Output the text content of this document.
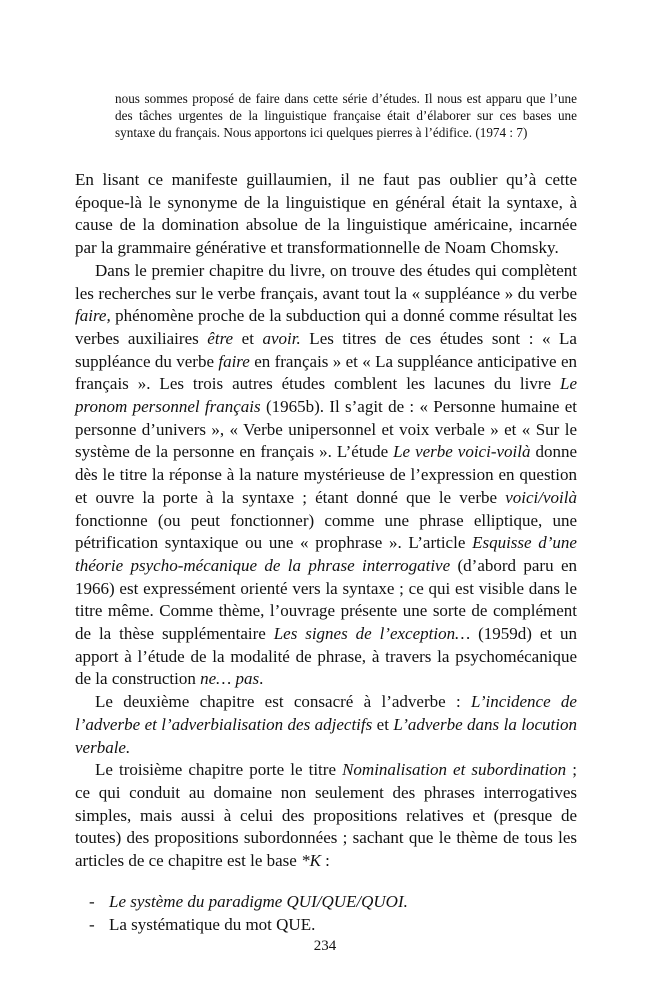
nous sommes proposé de faire dans cette série d’études. Il nous est apparu que l’une des tâches urgentes de la linguistique française était d’élaborer sur ces bases une syntaxe du français. Nous apportons ici quelques pierres à l’édifice. (1974 : 7)

En lisant ce manifeste guillaumien, il ne faut pas oublier qu’à cette époque-là le synonyme de la linguistique en général était la syntaxe, à cause de la domination absolue de la linguistique américaine, incarnée par la grammaire générative et transformationnelle de Noam Chomsky.

Dans le premier chapitre du livre, on trouve des études qui complètent les recherches sur le verbe français, avant tout la « suppléance » du verbe faire, phénomène proche de la subduction qui a donné comme résultat les verbes auxiliaires être et avoir. Les titres de ces études sont : « La suppléance du verbe faire en français » et « La suppléance anticipative en français ». Les trois autres études comblent les lacunes du livre Le pronom personnel français (1965b). Il s’agit de : « Personne humaine et personne d’univers », « Verbe unipersonnel et voix verbale » et « Sur le système de la personne en français ». L’étude Le verbe voici-voilà donne dès le titre la réponse à la nature mystérieuse de l’expression en question et ouvre la porte à la syntaxe ; étant donné que le verbe voici/voilà fonctionne (ou peut fonctionner) comme une phrase elliptique, une pétrification syntaxique ou une « prophrase ». L’article Esquisse d’une théorie psycho-mécanique de la phrase interrogative (d’abord paru en 1966) est expressément orienté vers la syntaxe ; ce qui est visible dans le titre même. Comme thème, l’ouvrage présente une sorte de complément de la thèse supplémentaire Les signes de l’exception… (1959d) et un apport à l’étude de la modalité de phrase, à travers la psychomécanique de la construction ne… pas.

Le deuxième chapitre est consacré à l’adverbe : L’incidence de l’adverbe et l’adverbialisation des adjectifs et L’adverbe dans la locution verbale.

Le troisième chapitre porte le titre Nominalisation et subordination ; ce qui conduit au domaine non seulement des phrases interrogatives simples, mais aussi à celui des propositions relatives et (presque de toutes) des propositions subordonnées ; sachant que le thème de tous les articles de ce chapitre est le base *K :

- Le système du paradigme QUI/QUE/QUOI.
- La systématique du mot QUE.
234
